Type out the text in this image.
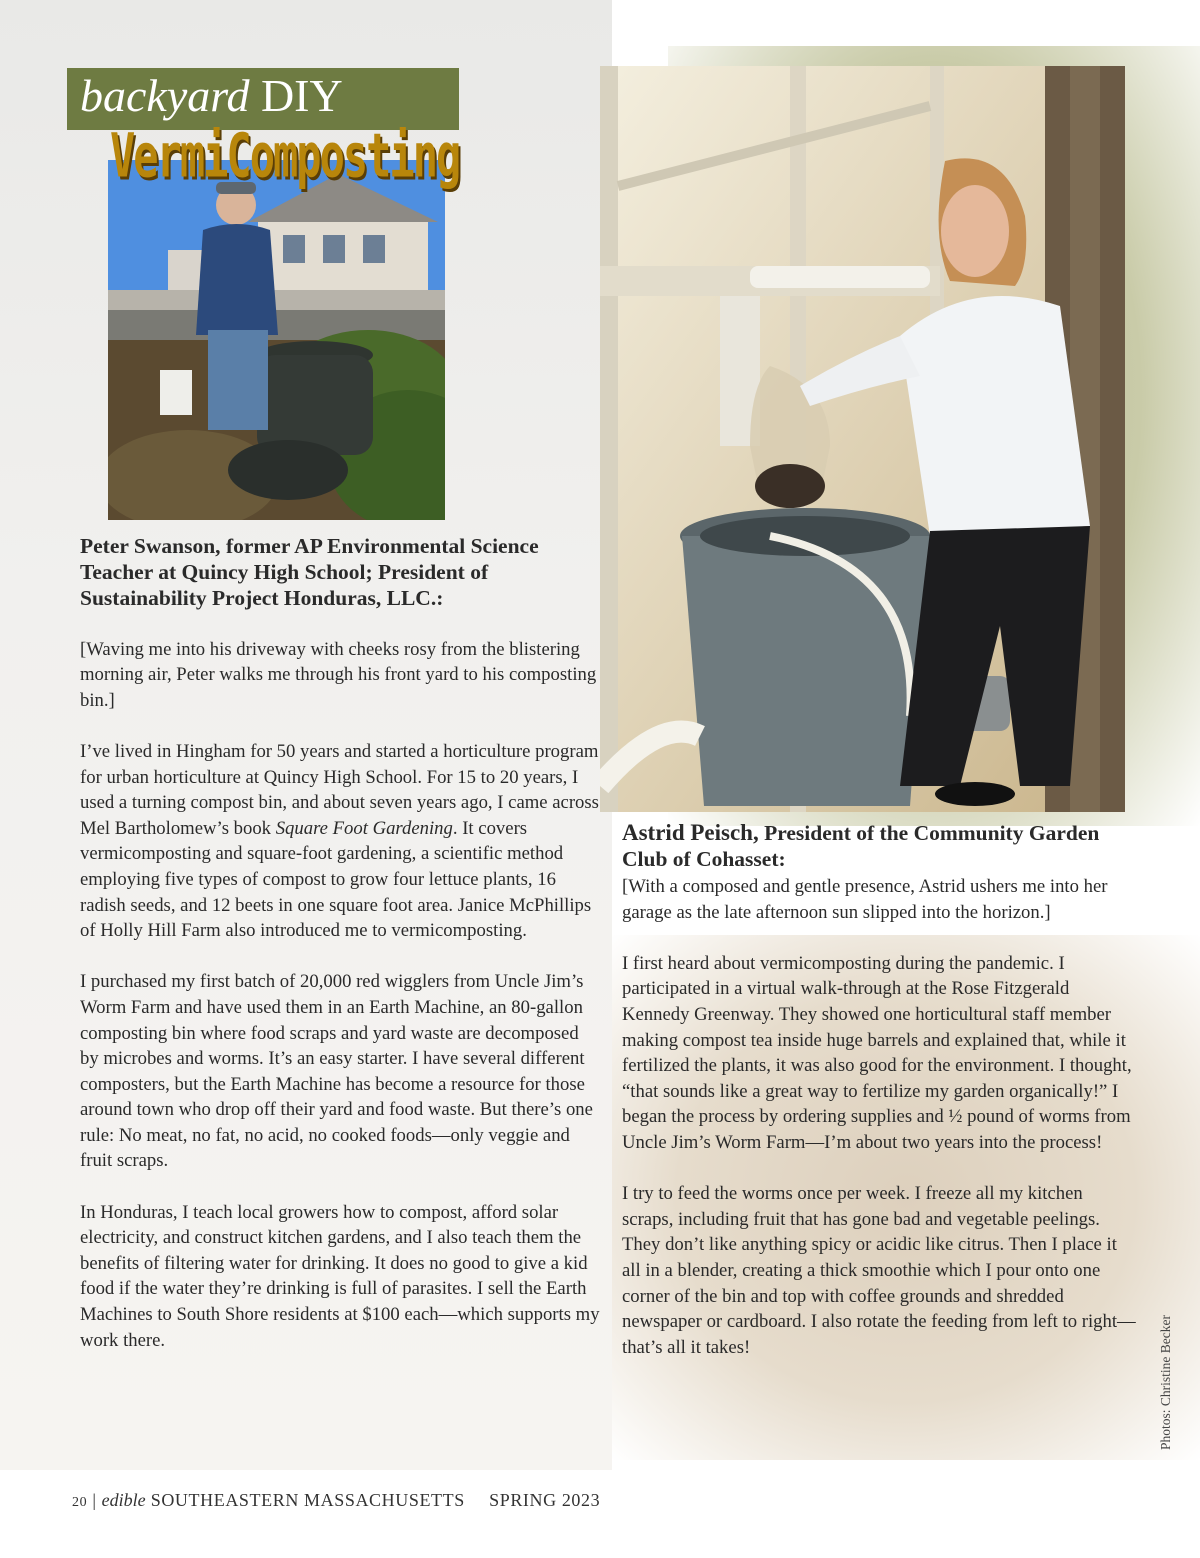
backyard DIY
VermiComposting
Peter Swanson, former AP Environmental Science Teacher at Quincy High School; President of Sustainability Project Honduras, LLC.:

[Waving me into his driveway with cheeks rosy from the blistering morning air, Peter walks me through his front yard to his composting bin.]

I’ve lived in Hingham for 50 years and started a horticulture program for urban horticulture at Quincy High School. For 15 to 20 years, I used a turning compost bin, and about seven years ago, I came across Mel Bartholomew’s book Square Foot Gardening. It covers vermicomposting and square-foot gardening, a scientific method employing five types of compost to grow four lettuce plants, 16 radish seeds, and 12 beets in one square foot area. Janice McPhillips of Holly Hill Farm also introduced me to vermicomposting.

I purchased my first batch of 20,000 red wigglers from Uncle Jim’s Worm Farm and have used them in an Earth Machine, an 80-gallon composting bin where food scraps and yard waste are decomposed by microbes and worms. It’s an easy starter. I have several different composters, but the Earth Machine has become a resource for those around town who drop off their yard and food waste. But there’s one rule: No meat, no fat, no acid, no cooked foods—only veggie and fruit scraps.

In Honduras, I teach local growers how to compost, afford solar electricity, and construct kitchen gardens, and I also teach them the benefits of filtering water for drinking. It does no good to give a kid food if the water they’re drinking is full of parasites. I sell the Earth Machines to South Shore residents at $100 each—which supports my work there.

Astrid Peisch, President of the Community Garden Club of Cohasset:

[With a composed and gentle presence, Astrid ushers me into her garage as the late afternoon sun slipped into the horizon.]

I first heard about vermicomposting during the pandemic. I participated in a virtual walk-through at the Rose Fitzgerald Kennedy Greenway. They showed one horticultural staff member making compost tea inside huge barrels and explained that, while it fertilized the plants, it was also good for the environment. I thought, “that sounds like a great way to fertilize my garden organically!” I began the process by ordering supplies and ½ pound of worms from Uncle Jim’s Worm Farm—I’m about two years into the process!

I try to feed the worms once per week. I freeze all my kitchen scraps, including fruit that has gone bad and vegetable peelings. They don’t like anything spicy or acidic like citrus. Then I place it all in a blender, creating a thick smoothie which I pour onto one corner of the bin and top with coffee grounds and shredded newspaper or cardboard. I also rotate the feeding from left to right—that’s all it takes!	Photos: Christine Becker
20 | edible SOUTHEASTERN MASSACHUSETTS SPRING 2023
